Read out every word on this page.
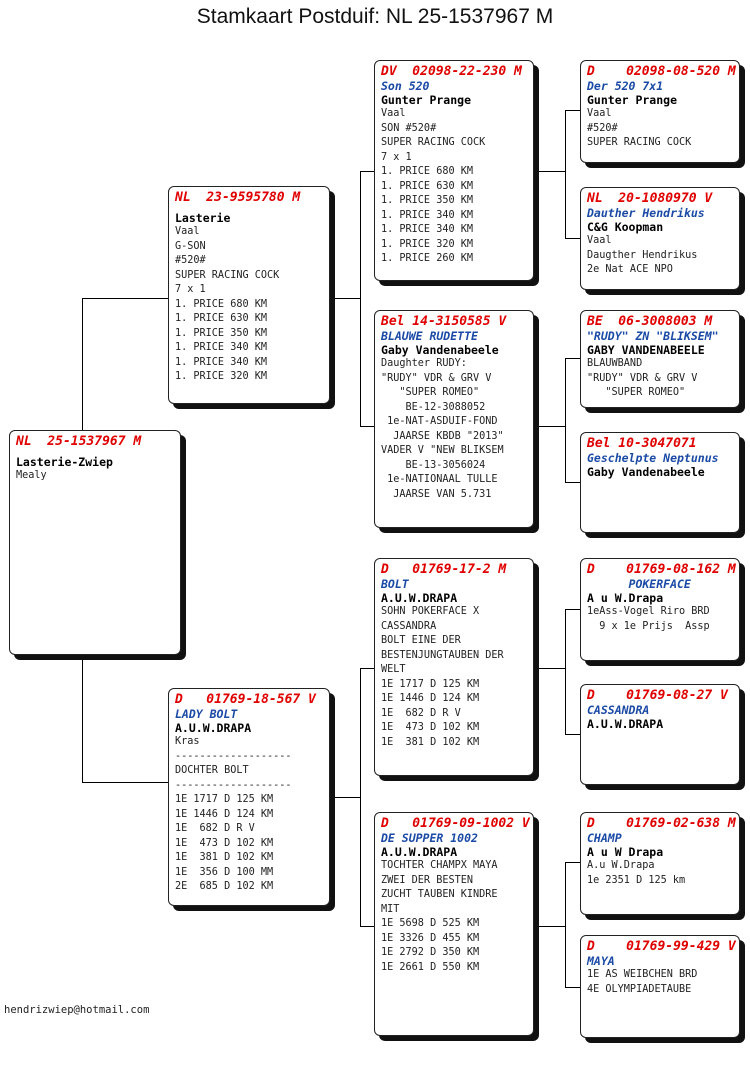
Stamkaart Postduif: NL 25-1537967 M
NL  25-1537967 M
Lasterie-Zwiep
Mealy
NL  23-9595780 M
Lasterie
Vaal
G-SON
#520#
SUPER RACING COCK
7 x 1
1. PRICE 680 KM
1. PRICE 630 KM
1. PRICE 350 KM
1. PRICE 340 KM
1. PRICE 340 KM
1. PRICE 320 KM
D   01769-18-567 V
LADY BOLT
A.U.W.DRAPA
Kras
-------------------
DOCHTER BOLT
-------------------
1E 1717 D 125 KM
1E 1446 D 124 KM
1E  682 D R V
1E  473 D 102 KM
1E  381 D 102 KM
1E  356 D 100 MM
2E  685 D 102 KM
DV  02098-22-230 M
Son 520
Gunter Prange
Vaal
SON #520#
SUPER RACING COCK
7 x 1
1. PRICE 680 KM
1. PRICE 630 KM
1. PRICE 350 KM
1. PRICE 340 KM
1. PRICE 340 KM
1. PRICE 320 KM
1. PRICE 260 KM
Bel 14-3150585 V
BLAUWE RUDETTE
Gaby Vandenabeele
Daughter RUDY:
"RUDY" VDR & GRV V
"SUPER ROMEO"
BE-12-3088052
1e-NAT-ASDUIF-FOND
JAARSE KBDB "2013"
VADER V "NEW BLIKSEM
BE-13-3056024
1e-NATIONAAL TULLE
JAARSE VAN 5.731
D   01769-17-2 M
BOLT
A.U.W.DRAPA
SOHN POKERFACE X
CASSANDRA
BOLT EINE DER
BESTENJUNGTAUBEN DER
WELT
1E 1717 D 125 KM
1E 1446 D 124 KM
1E  682 D R V
1E  473 D 102 KM
1E  381 D 102 KM
D   01769-09-1002 V
DE SUPPER 1002
A.U.W.DRAPA
TOCHTER CHAMPX MAYA
ZWEI DER BESTEN
ZUCHT TAUBEN KINDRE
MIT
1E 5698 D 525 KM
1E 3326 D 455 KM
1E 2792 D 350 KM
1E 2661 D 550 KM
D    02098-08-520 M
Der 520 7x1
Gunter Prange
Vaal
#520#
SUPER RACING COCK
NL  20-1080970 V
Dauther Hendrikus
C&G Koopman
Vaal
Daugther Hendrikus
2e Nat ACE NPO
BE  06-3008003 M
"RUDY" ZN "BLIKSEM"
GABY VANDENABEELE
BLAUWBAND
"RUDY" VDR & GRV V
"SUPER ROMEO"
Bel 10-3047071
Geschelpte Neptunus
Gaby Vandenabeele
D    01769-08-162 M
POKERFACE
A u W.Drapa
1eAss-Vogel Riro BRD
9 x 1e Prijs  Assp
D    01769-08-27 V
CASSANDRA
A.U.W.DRAPA
D    01769-02-638 M
CHAMP
A u W Drapa
A.u W.Drapa
1e 2351 D 125 km
D    01769-99-429 V
MAYA
1E AS WEIBCHEN BRD
4E OLYMPIADETAUBE
hendrizwiep@hotmail.com
